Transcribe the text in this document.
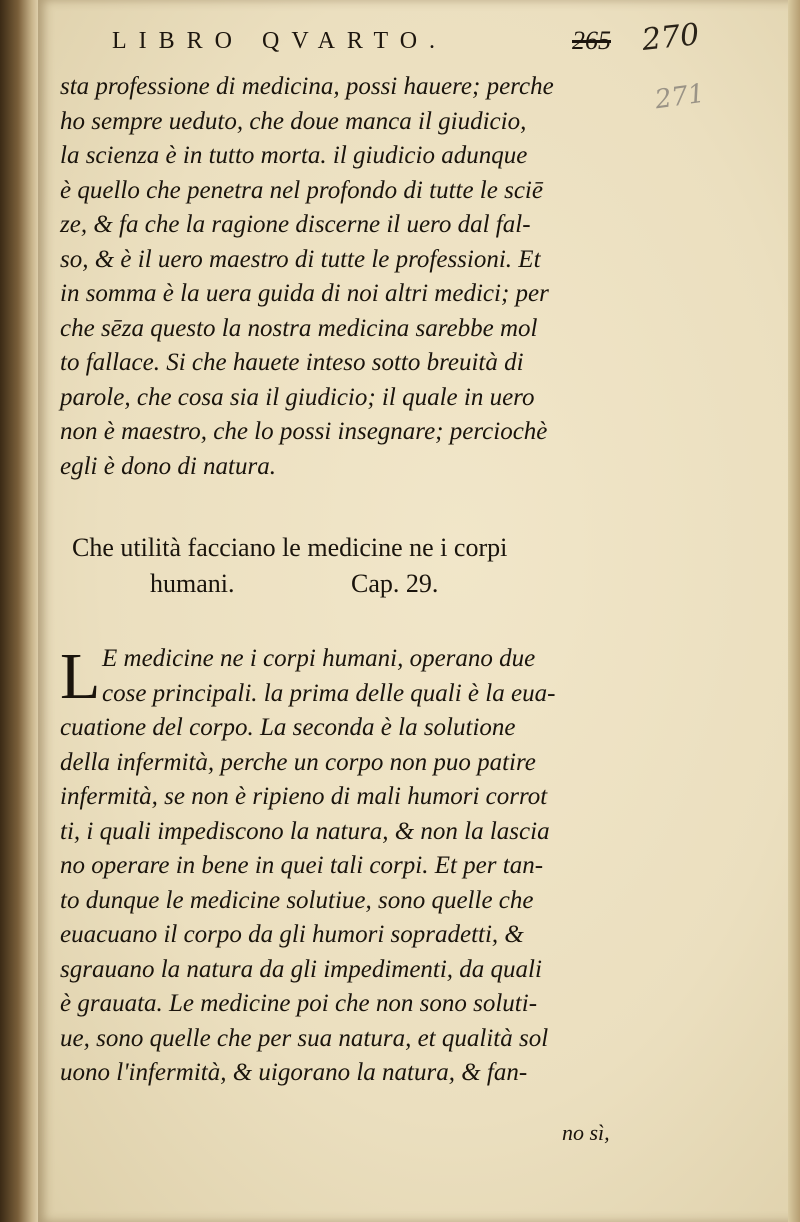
LIBRO QVARTO.	265 270
271
sta professione di medicina, possi hauere; perche
ho sempre ueduto, che doue manca il giudicio,
la scienza è in tutto morta. il giudicio adunque
è quello che penetra nel profondo di tutte le sciē
ze, & fa che la ragione discerne il uero dal fal-
so, & è il uero maestro di tutte le professioni. Et
in somma è la uera guida di noi altri medici; per
che sēza questo la nostra medicina sarebbe mol
to fallace. Si che hauete inteso sotto breuità di
parole, che cosa sia il giudicio; il quale in uero
non è maestro, che lo possi insegnare; perciochè
egli è dono di natura.
Che utilità facciano le medicine ne i corpi
humani.	Cap. 29.
L E medicine ne i corpi humani, operano due
cose principali. la prima delle quali è la eua-
cuatione del corpo. La seconda è la solutione
della infermità, perche un corpo non puo patire
infermità, se non è ripieno di mali humori corrot
ti, i quali impediscono la natura, & non la lascia
no operare in bene in quei tali corpi. Et per tan-
to dunque le medicine solutiue, sono quelle che
euacuano il corpo da gli humori sopradetti, &
sgrauano la natura da gli impedimenti, da quali
è grauata. Le medicine poi che non sono soluti-
ue, sono quelle che per sua natura, et qualità sol
uono l'infermità, & uigorano la natura, & fan-
no sì,
